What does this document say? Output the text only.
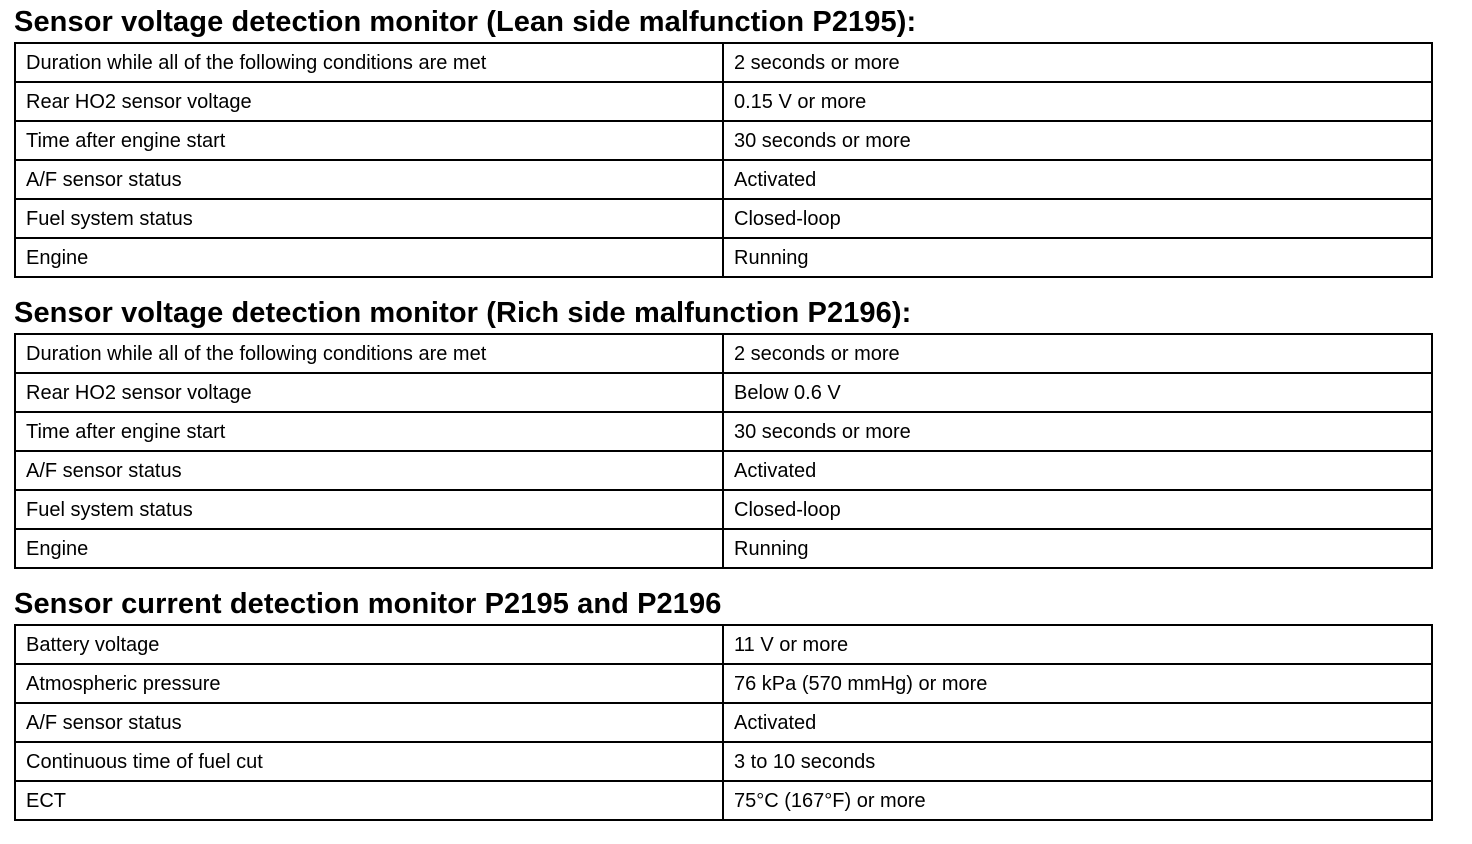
Sensor voltage detection monitor (Lean side malfunction P2195):
Duration while all of the following conditions are met	2 seconds or more
Rear HO2 sensor voltage	0.15 V or more
Time after engine start	30 seconds or more
A/F sensor status	Activated
Fuel system status	Closed-loop
Engine	Running
Sensor voltage detection monitor (Rich side malfunction P2196):
Duration while all of the following conditions are met	2 seconds or more
Rear HO2 sensor voltage	Below 0.6 V
Time after engine start	30 seconds or more
A/F sensor status	Activated
Fuel system status	Closed-loop
Engine	Running
Sensor current detection monitor P2195 and P2196
Battery voltage	11 V or more
Atmospheric pressure	76 kPa (570 mmHg) or more
A/F sensor status	Activated
Continuous time of fuel cut	3 to 10 seconds
ECT	75°C (167°F) or more
